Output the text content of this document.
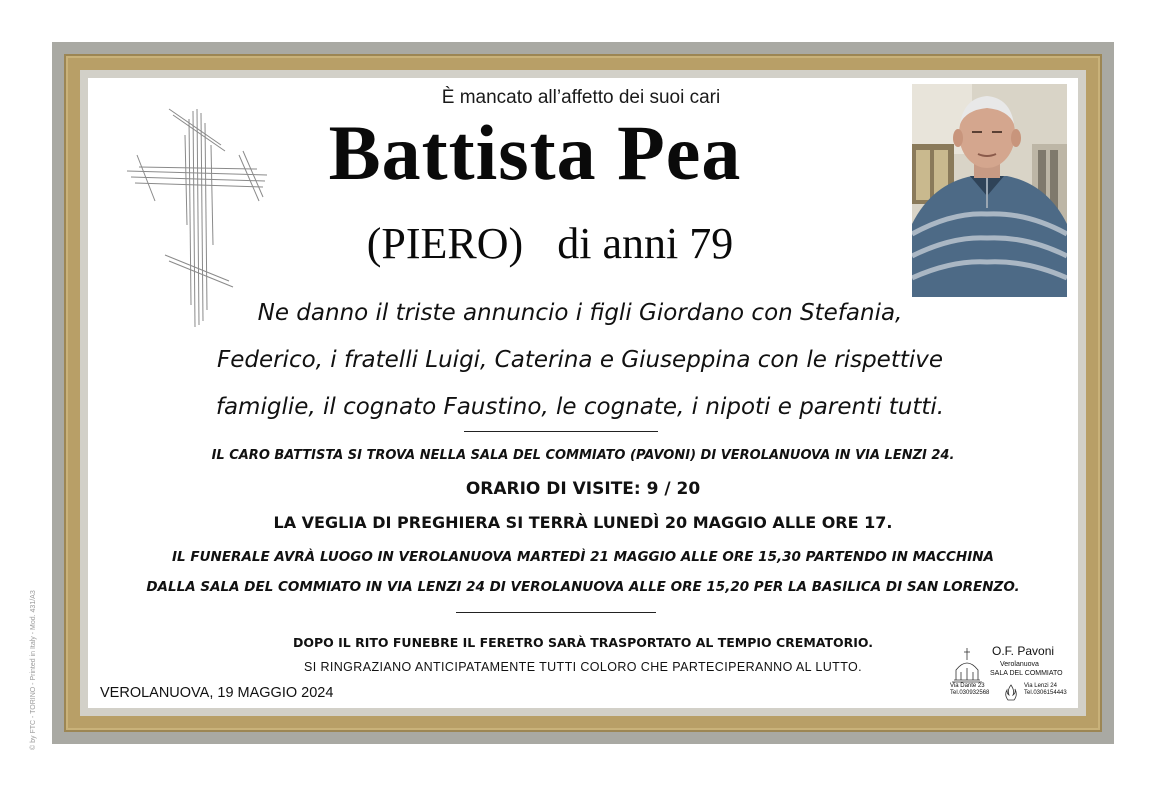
© by FTC - TORINO - Printed in Italy - Mod. 431/A3
È mancato all’affetto dei suoi cari
Battista Pea
(PIERO) di anni 79
Ne danno il triste annuncio i figli Giordano con Stefania,
Federico, i fratelli Luigi, Caterina e Giuseppina con le rispettive
famiglie, il cognato Faustino, le cognate, i nipoti e parenti tutti.
IL CARO BATTISTA SI TROVA NELLA SALA DEL COMMIATO (PAVONI) DI VEROLANUOVA IN VIA LENZI 24.
ORARIO DI VISITE: 9 / 20
LA VEGLIA DI PREGHIERA SI TERRÀ LUNEDÌ 20 MAGGIO ALLE ORE 17.
IL FUNERALE AVRÀ LUOGO IN VEROLANUOVA MARTEDÌ 21 MAGGIO ALLE ORE 15,30 PARTENDO IN MACCHINA
DALLA SALA DEL COMMIATO IN VIA LENZI 24 DI VEROLANUOVA ALLE ORE 15,20 PER LA BASILICA DI SAN LORENZO.
DOPO IL RITO FUNEBRE IL FERETRO SARÀ TRASPORTATO AL TEMPIO CREMATORIO.
SI RINGRAZIANO ANTICIPATAMENTE TUTTI COLORO CHE PARTECIPERANNO AL LUTTO.
VEROLANUOVA, 19 MAGGIO 2024
O.F. Pavoni
Verolanuova
SALA DEL COMMIATO
Via Dante 23
Tel.030932568
Via Lenzi 24
Tel.0306154443
